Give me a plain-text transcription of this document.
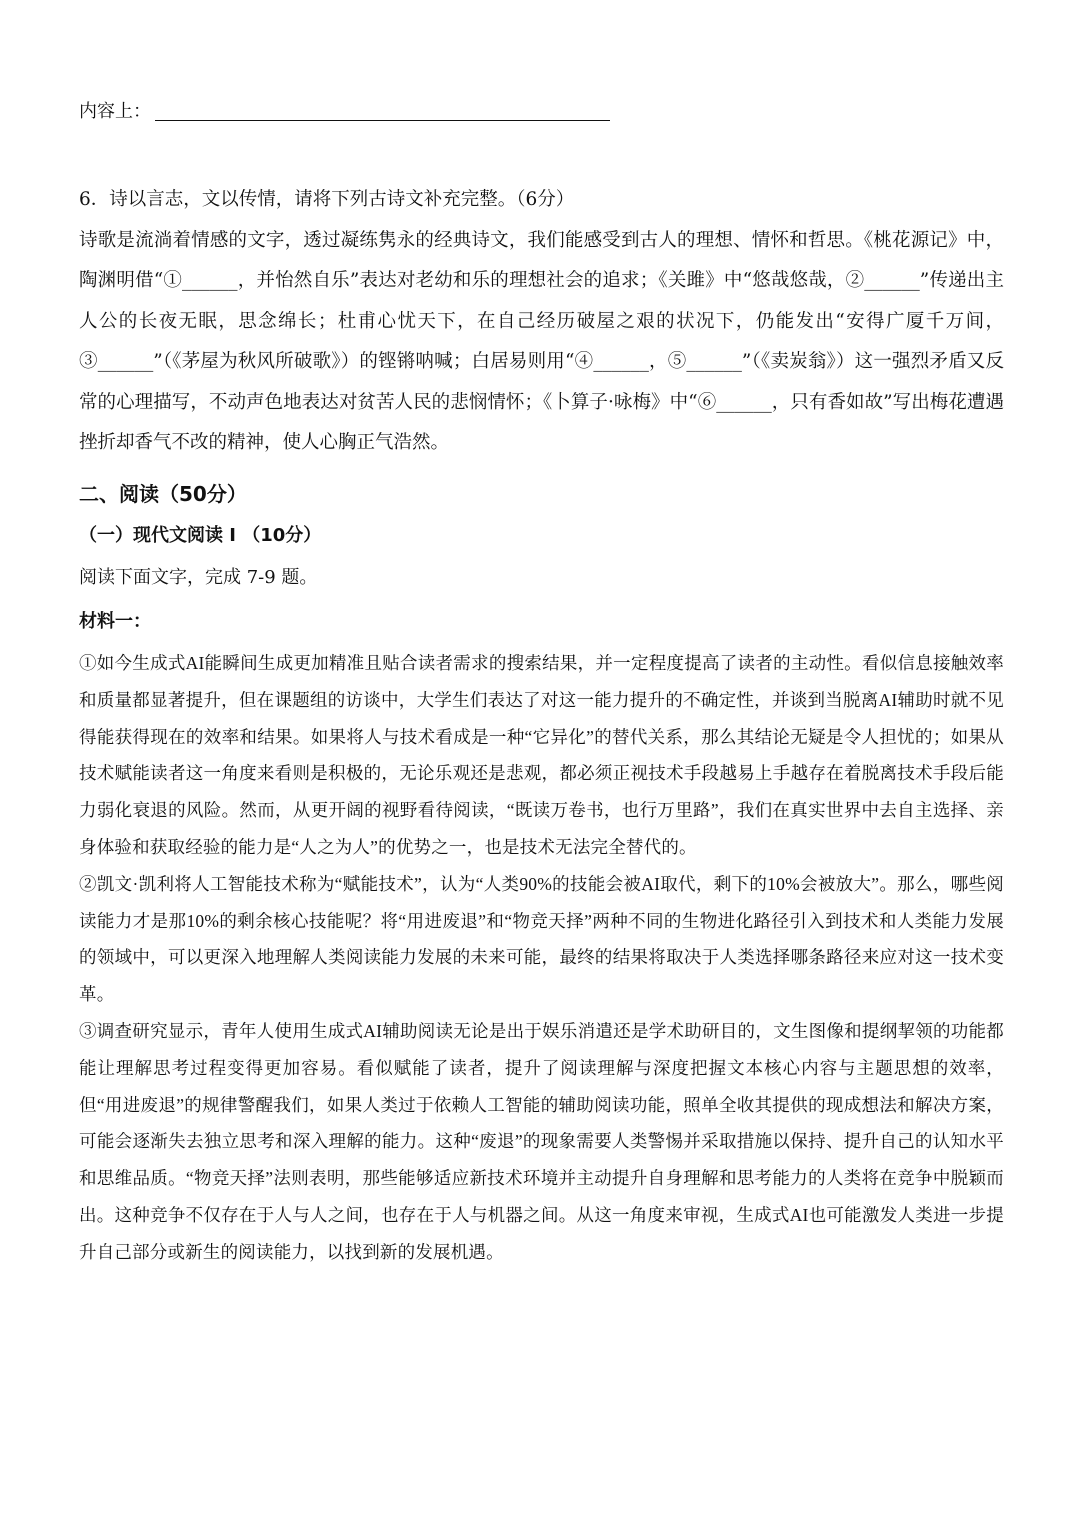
内容上：

6．诗以言志，文以传情，请将下列古诗文补充完整。（6分）

诗歌是流淌着情感的文字，透过凝练隽永的经典诗文，我们能感受到古人的理想、情怀和哲思。《桃花源记》中，陶渊明借“①______，并怡然自乐”表达对老幼和乐的理想社会的追求；《关雎》中“悠哉悠哉，②______”传递出主人公的长夜无眠，思念绵长；杜甫心忧天下，在自己经历破屋之艰的状况下，仍能发出“安得广厦千万间，③______”（《茅屋为秋风所破歌》）的铿锵呐喊；白居易则用“④______，⑤______”（《卖炭翁》）这一强烈矛盾又反常的心理描写，不动声色地表达对贫苦人民的悲悯情怀；《卜算子·咏梅》中“⑥______，只有香如故”写出梅花遭遇挫折却香气不改的精神，使人心胸正气浩然。

二、阅读（50分）
（一）现代文阅读 I （10分）
阅读下面文字，完成 7-9 题。
材料一：

①如今生成式AI能瞬间生成更加精准且贴合读者需求的搜索结果，并一定程度提高了读者的主动性。看似信息接触效率和质量都显著提升，但在课题组的访谈中，大学生们表达了对这一能力提升的不确定性，并谈到当脱离AI辅助时就不见得能获得现在的效率和结果。如果将人与技术看成是一种“它异化”的替代关系，那么其结论无疑是令人担忧的；如果从技术赋能读者这一角度来看则是积极的，无论乐观还是悲观，都必须正视技术手段越易上手越存在着脱离技术手段后能力弱化衰退的风险。然而，从更开阔的视野看待阅读，“既读万卷书，也行万里路”，我们在真实世界中去自主选择、亲身体验和获取经验的能力是“人之为人”的优势之一，也是技术无法完全替代的。

②凯文·凯利将人工智能技术称为“赋能技术”，认为“人类90%的技能会被AI取代，剩下的10%会被放大”。那么，哪些阅读能力才是那10%的剩余核心技能呢？将“用进废退”和“物竞天择”两种不同的生物进化路径引入到技术和人类能力发展的领域中，可以更深入地理解人类阅读能力发展的未来可能，最终的结果将取决于人类选择哪条路径来应对这一技术变革。

③调查研究显示，青年人使用生成式AI辅助阅读无论是出于娱乐消遣还是学术助研目的，文生图像和提纲挈领的功能都能让理解思考过程变得更加容易。看似赋能了读者，提升了阅读理解与深度把握文本核心内容与主题思想的效率，但“用进废退”的规律警醒我们，如果人类过于依赖人工智能的辅助阅读功能，照单全收其提供的现成想法和解决方案，可能会逐渐失去独立思考和深入理解的能力。这种“废退”的现象需要人类警惕并采取措施以保持、提升自己的认知水平和思维品质。“物竞天择”法则表明，那些能够适应新技术环境并主动提升自身理解和思考能力的人类将在竞争中脱颖而出。这种竞争不仅存在于人与人之间，也存在于人与机器之间。从这一角度来审视，生成式AI也可能激发人类进一步提升自己部分或新生的阅读能力，以找到新的发展机遇。
